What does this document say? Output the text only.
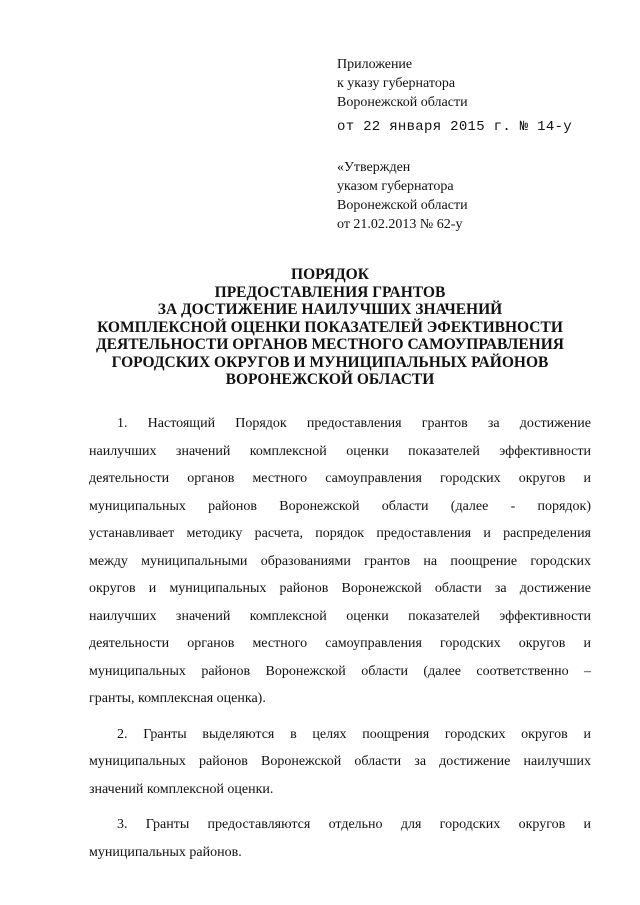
Приложение
к указу губернатора
Воронежской области
от 22 января 2015 г. № 14-у
«Утвержден
указом губернатора
Воронежской области
от 21.02.2013 № 62-у
ПОРЯДОК
ПРЕДОСТАВЛЕНИЯ ГРАНТОВ
ЗА ДОСТИЖЕНИЕ НАИЛУЧШИХ ЗНАЧЕНИЙ
КОМПЛЕКСНОЙ ОЦЕНКИ ПОКАЗАТЕЛЕЙ ЭФЕКТИВНОСТИ
ДЕЯТЕЛЬНОСТИ ОРГАНОВ МЕСТНОГО САМОУПРАВЛЕНИЯ
ГОРОДСКИХ ОКРУГОВ И МУНИЦИПАЛЬНЫХ РАЙОНОВ
ВОРОНЕЖСКОЙ ОБЛАСТИ
1. Настоящий Порядок предоставления грантов за достижение
наилучших значений комплексной оценки показателей эффективности
деятельности органов местного самоуправления городских округов и
муниципальных районов Воронежской области (далее - порядок)
устанавливает методику расчета, порядок предоставления и распределения
между муниципальными образованиями грантов на поощрение городских
округов и муниципальных районов Воронежской области за достижение
наилучших значений комплексной оценки показателей эффективности
деятельности органов местного самоуправления городских округов и
муниципальных районов Воронежской области (далее соответственно –
гранты, комплексная оценка).
2. Гранты выделяются в целях поощрения городских округов и
муниципальных районов Воронежской области за достижение наилучших
значений комплексной оценки.
3. Гранты предоставляются отдельно для городских округов и
муниципальных районов.
